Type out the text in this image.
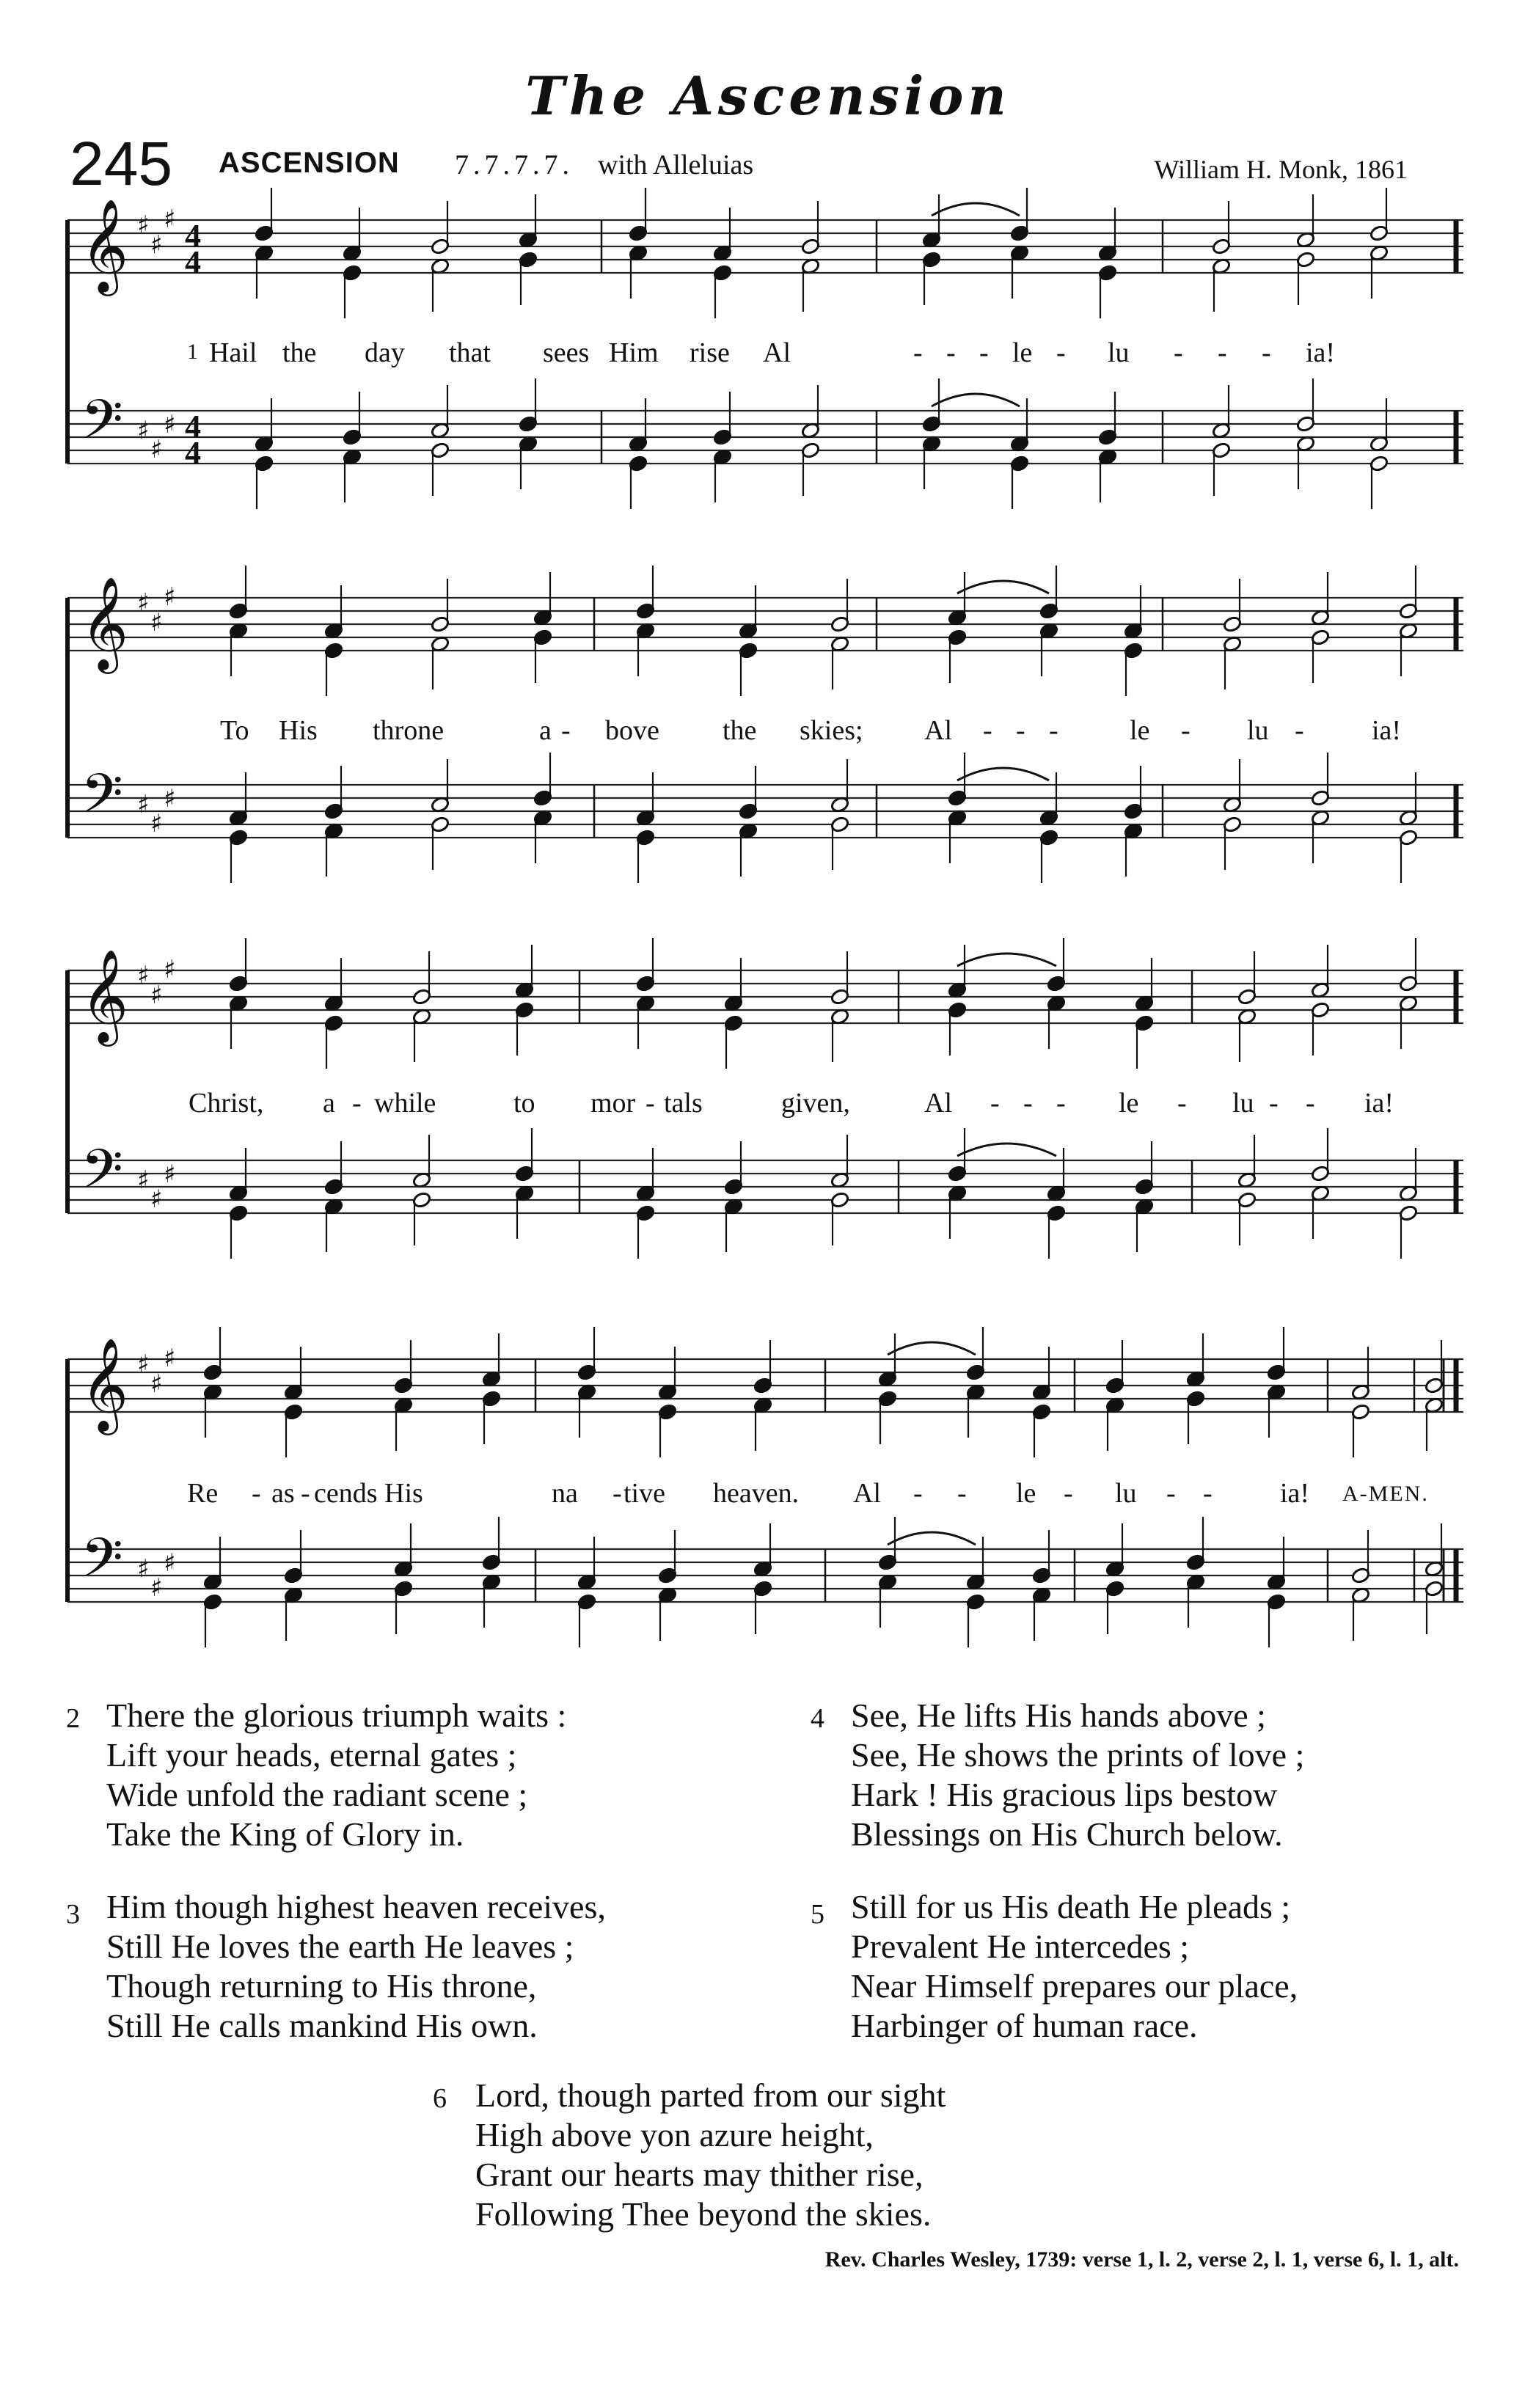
The Ascension
245 ASCENSION 7.7.7.7. with Alleluias	William H. Monk, 1861
𝄞 ♯
♯
♯ 4
4
𝄢 ♯
♯
♯ 4
4
𝄞 ♯
♯
♯
𝄢 ♯
♯
♯
𝄞 ♯
♯
♯
𝄢 ♯
♯
♯
𝄞 ♯
♯
♯
𝄢 ♯
♯
♯
1 Hail the day that sees Him rise Al	- - - le - lu - - - ia!
To His throne	a - bove the skies; Al - - -	le - lu - ia!
Christ, a - while	to mor - tals	given,	Al - - - le - lu - - ia!
Re - as - cends His	na - tive heaven. Al - - le - lu - - ia! A-MEN.
2 There the glorious triumph waits :
Lift your heads, eternal gates ;
Wide unfold the radiant scene ;
Take the King of Glory in.
4 See, He lifts His hands above ;
See, He shows the prints of love ;
Hark ! His gracious lips bestow
Blessings on His Church below.
3 Him though highest heaven receives,
Still He loves the earth He leaves ;
Though returning to His throne,
Still He calls mankind His own.
5 Still for us His death He pleads ;
Prevalent He intercedes ;
Near Himself prepares our place,
Harbinger of human race.
6 Lord, though parted from our sight
High above yon azure height,
Grant our hearts may thither rise,
Following Thee beyond the skies.
Rev. Charles Wesley, 1739: verse 1, l. 2, verse 2, l. 1, verse 6, l. 1, alt.
